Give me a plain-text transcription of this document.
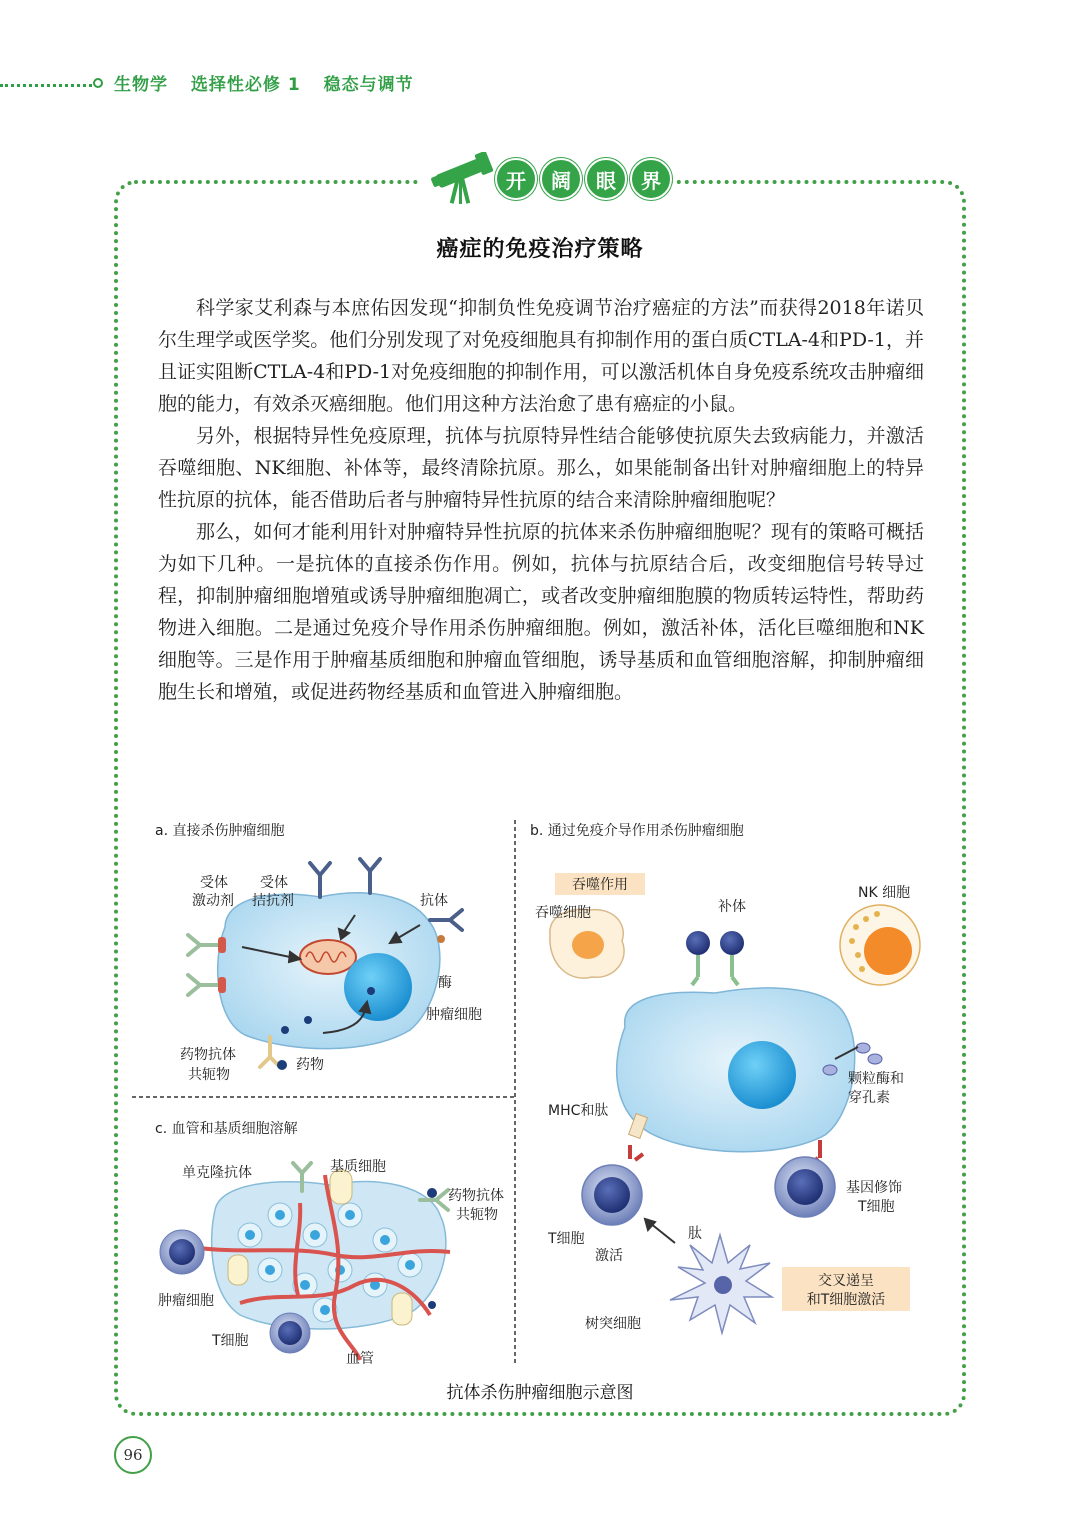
生物学 选择性必修 1 稳态与调节
开	阔	眼	界
癌症的免疫治疗策略

科学家艾利森与本庶佑因发现“抑制负性免疫调节治疗癌症的方法”而获得2018年诺贝尔生理学或医学奖。他们分别发现了对免疫细胞具有抑制作用的蛋白质CTLA-4和PD-1，并且证实阻断CTLA-4和PD-1对免疫细胞的抑制作用，可以激活机体自身免疫系统攻击肿瘤细胞的能力，有效杀灭癌细胞。他们用这种方法治愈了患有癌症的小鼠。

另外，根据特异性免疫原理，抗体与抗原特异性结合能够使抗原失去致病能力，并激活吞噬细胞、NK细胞、补体等，最终清除抗原。那么，如果能制备出针对肿瘤细胞上的特异性抗原的抗体，能否借助后者与肿瘤特异性抗原的结合来清除肿瘤细胞呢？

那么，如何才能利用针对肿瘤特异性抗原的抗体来杀伤肿瘤细胞呢？现有的策略可概括为如下几种。一是抗体的直接杀伤作用。例如，抗体与抗原结合后，改变细胞信号转导过程，抑制肿瘤细胞增殖或诱导肿瘤细胞凋亡，或者改变肿瘤细胞膜的物质转运特性，帮助药物进入细胞。二是通过免疫介导作用杀伤肿瘤细胞。例如，激活补体，活化巨噬细胞和NK细胞等。三是作用于肿瘤基质细胞和肿瘤血管细胞，诱导基质和血管细胞溶解，抑制肿瘤细胞生长和增殖，或促进药物经基质和血管进入肿瘤细胞。

a. 直接杀伤肿瘤细胞
受体
激动剂
受体
拮抗剂	抗体
酶
肿瘤细胞
药物抗体
共轭物
药物
b. 通过免疫介导作用杀伤肿瘤细胞
吞噬作用
交叉递呈
和T细胞激活
吞噬细胞	补体
NK 细胞
颗粒酶和
穿孔素
MHC和肽
基因修饰
T细胞
T细胞
激活
肽
树突细胞
c. 血管和基质细胞溶解
单克隆抗体	基质细胞
药物抗体
共轭物
肿瘤细胞
T细胞
血管
抗体杀伤肿瘤细胞示意图
96
